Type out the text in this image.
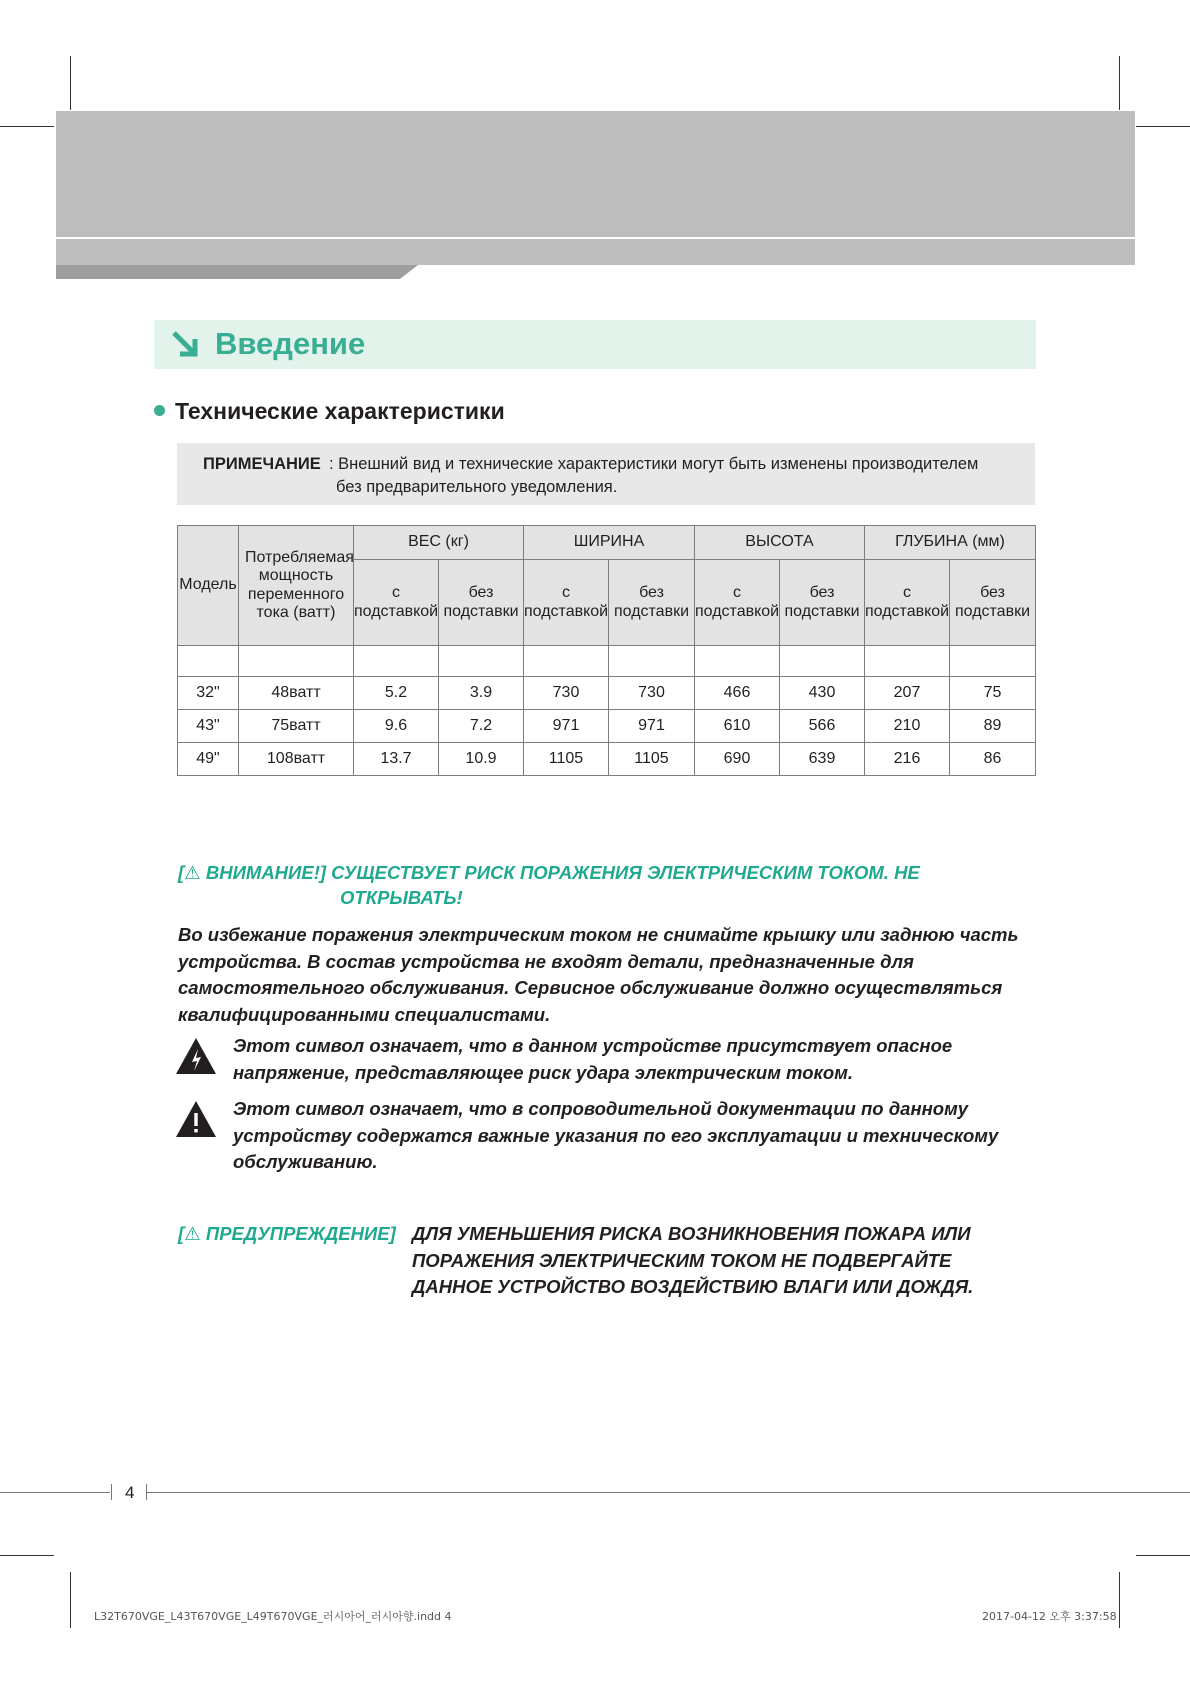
Введение
Технические характеристики
ПРИМЕЧАНИЕ : Внешний вид и технические характеристики могут быть изменены производителем
без предварительного уведомления.
Модель	Потребляемая мощность переменного тока (ватт)	ВЕС (кг)		ШИРИНА		ВЫСОТА		ГЛУБИНА (мм)	
		с подставкой	без подставки	с подставкой	без подставки	с подставкой	без подставки	с подставкой	без подставки

32"	48ватт	5.2	3.9	730	730	466	430	207	75
43"	75ватт	9.6	7.2	971	971	610	566	210	89
49"	108ватт	13.7	10.9	1105	1105	690	639	216	86
[⚠ ВНИМАНИЕ!] СУЩЕСТВУЕТ РИСК ПОРАЖЕНИЯ ЭЛЕКТРИЧЕСКИМ ТОКОМ. НЕ
ОТКРЫВАТЬ!
Во избежание поражения электрическим током не снимайте крышку или заднюю часть устройства. В состав устройства не входят детали, предназначенные для самостоятельного обслуживания. Сервисное обслуживание должно осуществляться квалифицированными специалистами.
Этот символ означает, что в данном устройстве присутствует опасное напряжение, представляющее риск удара электрическим током.
Этот символ означает, что в сопроводительной документации по данному устройству содержатся важные указания по его эксплуатации и техническому обслуживанию.
[⚠ ПРЕДУПРЕЖДЕНИЕ] ДЛЯ УМЕНЬШЕНИЯ РИСКА ВОЗНИКНОВЕНИЯ ПОЖАРА ИЛИ ПОРАЖЕНИЯ ЭЛЕКТРИЧЕСКИМ ТОКОМ НЕ ПОДВЕРГАЙТЕ ДАННОЕ УСТРОЙСТВО ВОЗДЕЙСТВИЮ ВЛАГИ ИЛИ ДОЖДЯ.
4
L32T670VGE_L43T670VGE_L49T670VGE_러시아어_러시아향.indd 4	2017-04-12 오후 3:37:58
